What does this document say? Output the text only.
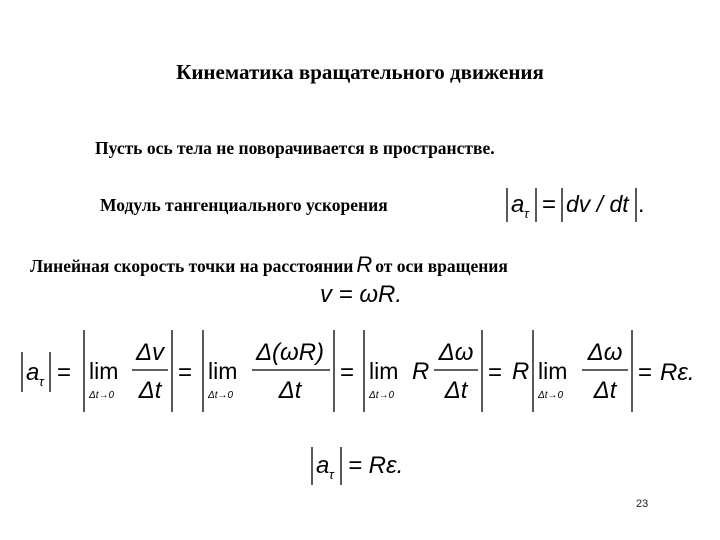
Кинематика вращательного движения
Пусть ось тела не поворачивается в пространстве.
Модуль тангенциального ускорения	a τ = dv / dt .
Линейная скорость точки на расстоянии R от оси вращения
v = ωR.
a τ = lim
Δt→0
Δv
Δt
= lim
Δt→0
Δ(ωR)
Δt
= lim
Δt→0
R
Δω
Δt
= R lim
Δt→0
Δω
Δt
= Rε.
a τ = Rε.
23
